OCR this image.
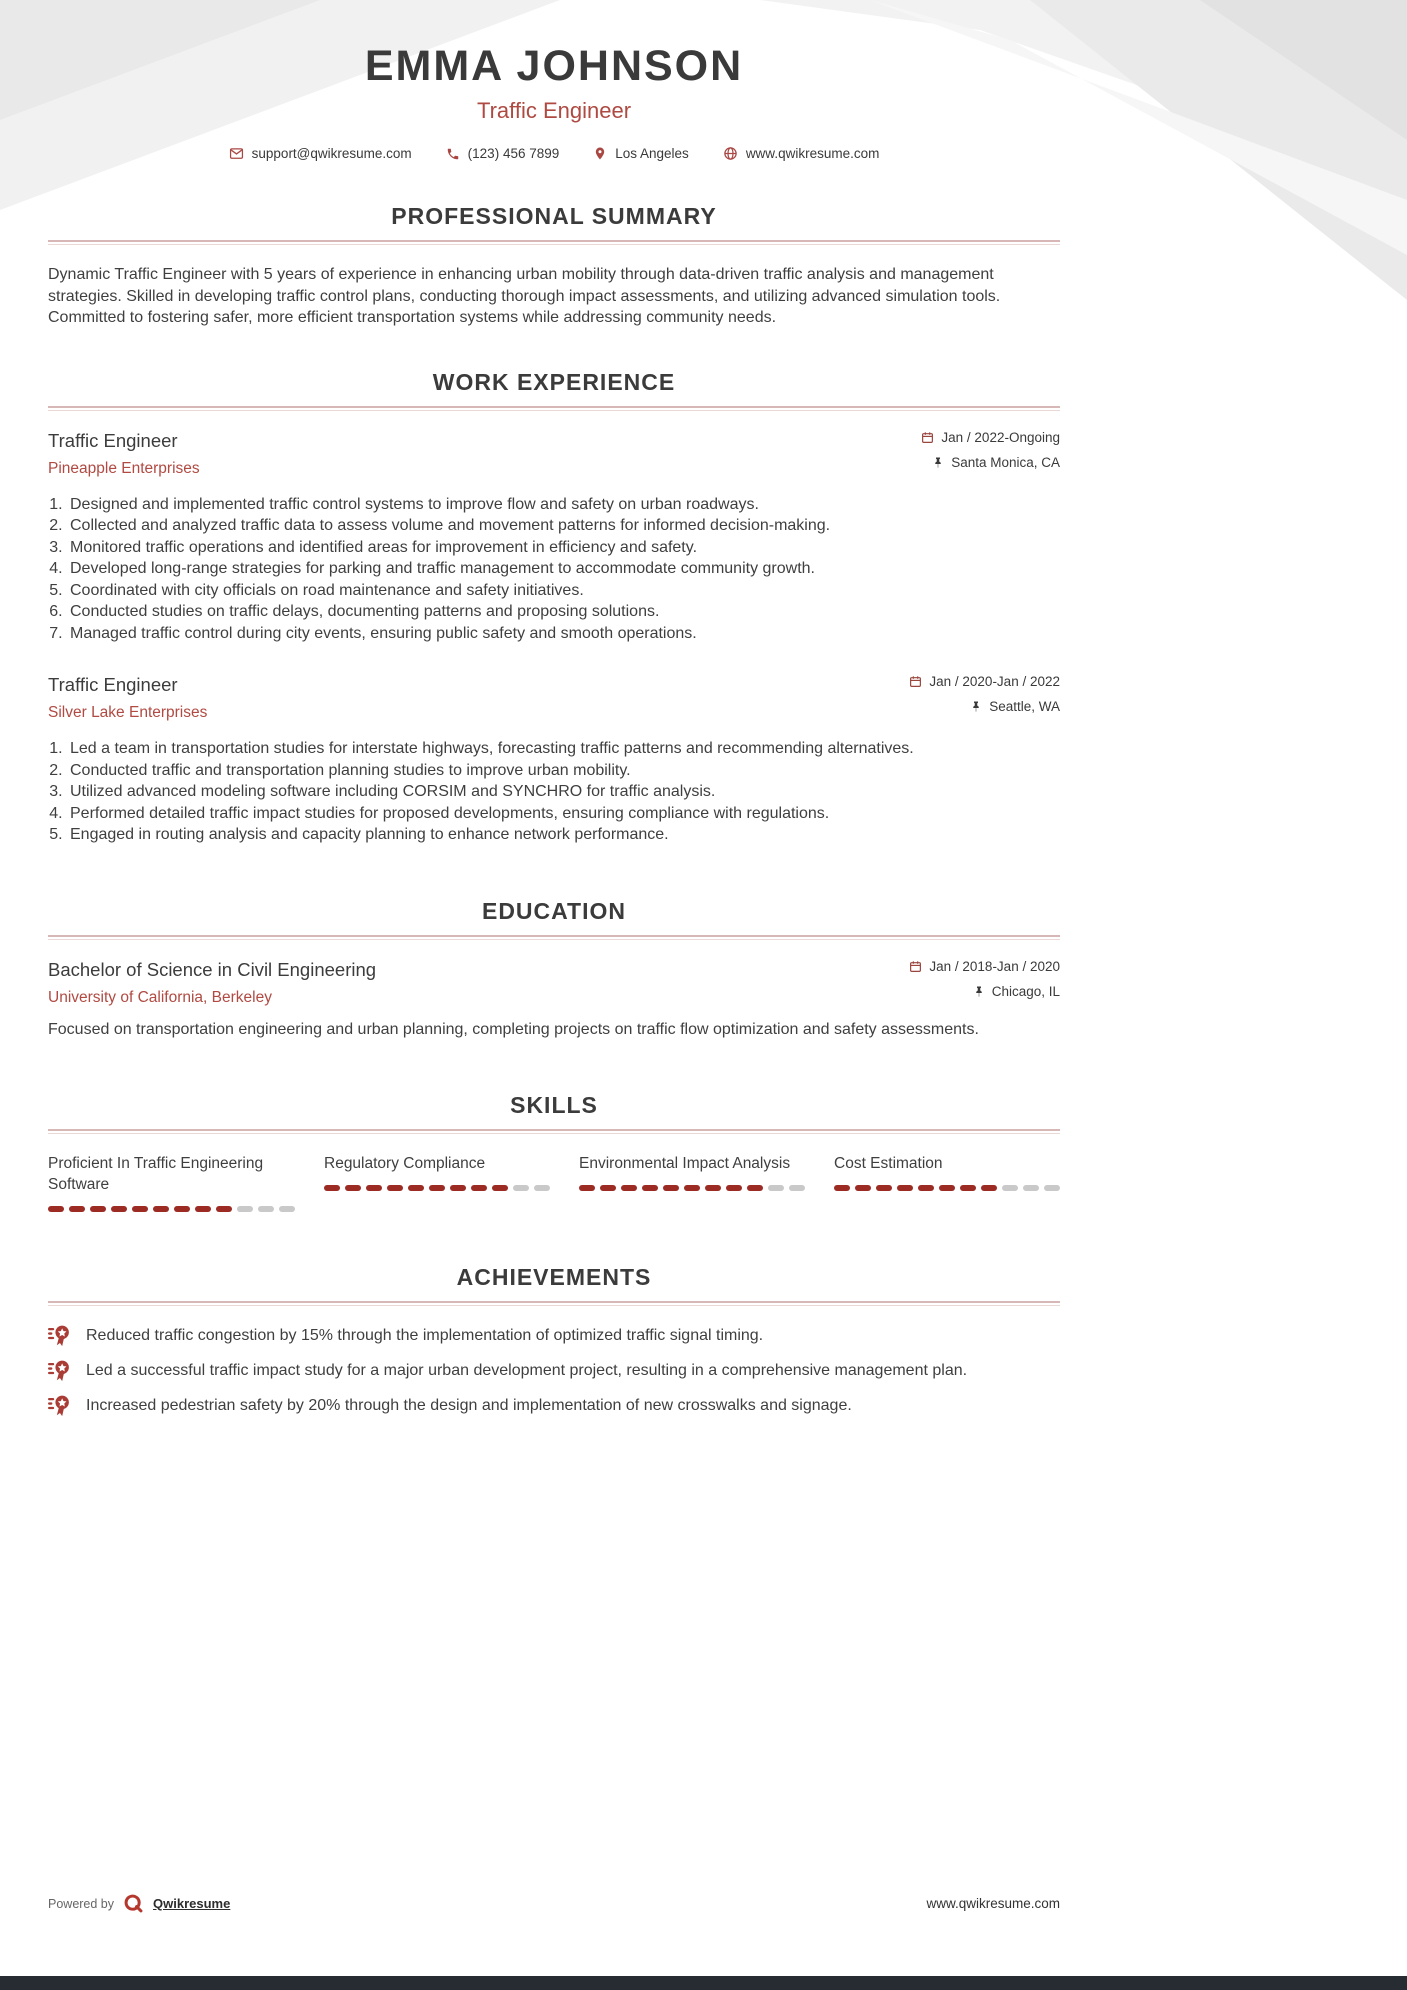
EMMA JOHNSON
Traffic Engineer
support@qwikresume.com	(123) 456 7899	Los Angeles	www.qwikresume.com
PROFESSIONAL SUMMARY

Dynamic Traffic Engineer with 5 years of experience in enhancing urban mobility through data-driven traffic analysis and management strategies. Skilled in developing traffic control plans, conducting thorough impact assessments, and utilizing advanced simulation tools. Committed to fostering safer, more efficient transportation systems while addressing community needs.

WORK EXPERIENCE
Traffic Engineer
Pineapple Enterprises
Jan / 2022-Ongoing
Santa Monica, CA
1. Designed and implemented traffic control systems to improve flow and safety on urban roadways.
2. Collected and analyzed traffic data to assess volume and movement patterns for informed decision-making.
3. Monitored traffic operations and identified areas for improvement in efficiency and safety.
4. Developed long-range strategies for parking and traffic management to accommodate community growth.
5. Coordinated with city officials on road maintenance and safety initiatives.
6. Conducted studies on traffic delays, documenting patterns and proposing solutions.
7. Managed traffic control during city events, ensuring public safety and smooth operations.
Traffic Engineer
Silver Lake Enterprises
Jan / 2020-Jan / 2022
Seattle, WA
1. Led a team in transportation studies for interstate highways, forecasting traffic patterns and recommending alternatives.
2. Conducted traffic and transportation planning studies to improve urban mobility.
3. Utilized advanced modeling software including CORSIM and SYNCHRO for traffic analysis.
4. Performed detailed traffic impact studies for proposed developments, ensuring compliance with regulations.
5. Engaged in routing analysis and capacity planning to enhance network performance.
EDUCATION
Bachelor of Science in Civil Engineering
University of California, Berkeley
Jan / 2018-Jan / 2020
Chicago, IL

Focused on transportation engineering and urban planning, completing projects on traffic flow optimization and safety assessments.

SKILLS
Proficient In Traffic Engineering Software
Regulatory Compliance	Environmental Impact Analysis	Cost Estimation
ACHIEVEMENTS
Reduced traffic congestion by 15% through the implementation of optimized traffic signal timing.
Led a successful traffic impact study for a major urban development project, resulting in a comprehensive management plan.
Increased pedestrian safety by 20% through the design and implementation of new crosswalks and signage.
Powered by	Qwikresume	www.qwikresume.com
